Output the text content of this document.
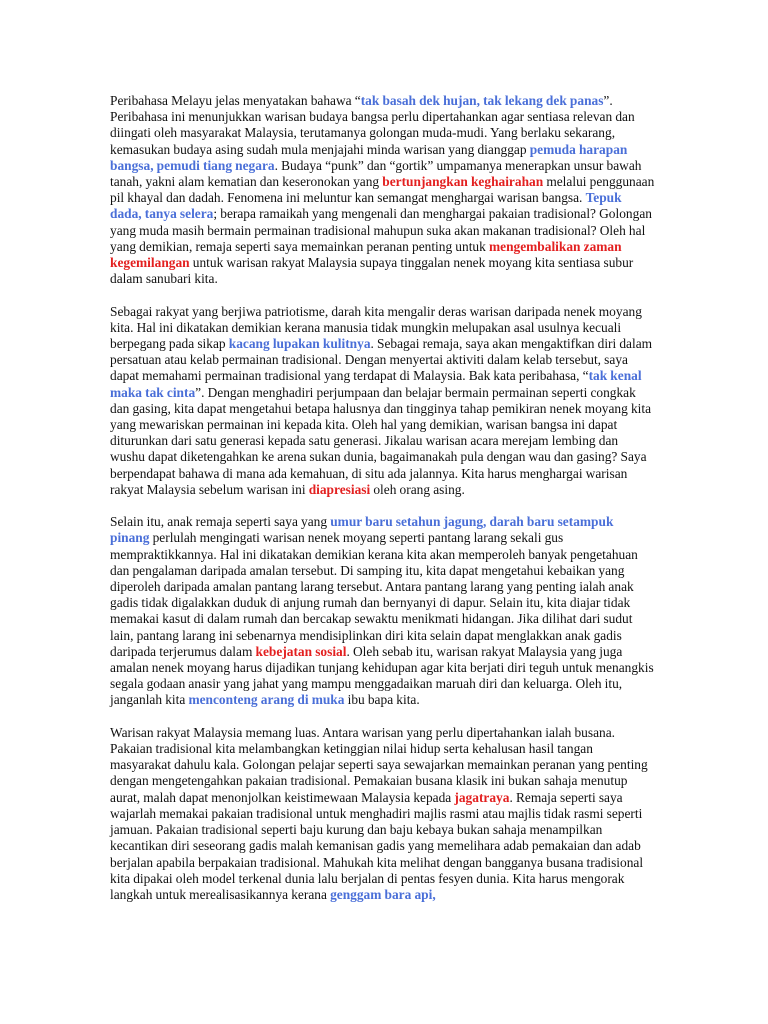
Peribahasa Melayu jelas menyatakan bahawa “tak basah dek hujan, tak lekang dek panas”. Peribahasa ini menunjukkan warisan budaya bangsa perlu dipertahankan agar sentiasa relevan dan diingati oleh masyarakat Malaysia, terutamanya golongan muda-mudi. Yang berlaku sekarang, kemasukan budaya asing sudah mula menjajahi minda warisan yang dianggap pemuda harapan bangsa, pemudi tiang negara. Budaya “punk” dan “gortik” umpamanya menerapkan unsur bawah tanah, yakni alam kematian dan keseronokan yang bertunjangkan keghairahan melalui penggunaan pil khayal dan dadah. Fenomena ini meluntur kan semangat menghargai warisan bangsa. Tepuk dada, tanya selera; berapa ramaikah yang mengenali dan menghargai pakaian tradisional? Golongan yang muda masih bermain permainan tradisional mahupun suka akan makanan tradisional? Oleh hal yang demikian, remaja seperti saya memainkan peranan penting untuk mengembalikan zaman kegemilangan untuk warisan rakyat Malaysia supaya tinggalan nenek moyang kita sentiasa subur dalam sanubari kita.

Sebagai rakyat yang berjiwa patriotisme, darah kita mengalir deras warisan daripada nenek moyang kita. Hal ini dikatakan demikian kerana manusia tidak mungkin melupakan asal usulnya kecuali berpegang pada sikap kacang lupakan kulitnya. Sebagai remaja, saya akan mengaktifkan diri dalam persatuan atau kelab permainan tradisional. Dengan menyertai aktiviti dalam kelab tersebut, saya dapat memahami permainan tradisional yang terdapat di Malaysia. Bak kata peribahasa, “tak kenal maka tak cinta”. Dengan menghadiri perjumpaan dan belajar bermain permainan seperti congkak dan gasing, kita dapat mengetahui betapa halusnya dan tingginya tahap pemikiran nenek moyang kita yang mewariskan permainan ini kepada kita. Oleh hal yang demikian, warisan bangsa ini dapat diturunkan dari satu generasi kepada satu generasi. Jikalau warisan acara merejam lembing dan wushu dapat diketengahkan ke arena sukan dunia, bagaimanakah pula dengan wau dan gasing? Saya berpendapat bahawa di mana ada kemahuan, di situ ada jalannya. Kita harus menghargai warisan rakyat Malaysia sebelum warisan ini diapresiasi oleh orang asing.

Selain itu, anak remaja seperti saya yang umur baru setahun jagung, darah baru setampuk pinang perlulah mengingati warisan nenek moyang seperti pantang larang sekali gus mempraktikkannya. Hal ini dikatakan demikian kerana kita akan memperoleh banyak pengetahuan dan pengalaman daripada amalan tersebut. Di samping itu, kita dapat mengetahui kebaikan yang diperoleh daripada amalan pantang larang tersebut. Antara pantang larang yang penting ialah anak gadis tidak digalakkan duduk di anjung rumah dan bernyanyi di dapur. Selain itu, kita diajar tidak memakai kasut di dalam rumah dan bercakap sewaktu menikmati hidangan. Jika dilihat dari sudut lain, pantang larang ini sebenarnya mendisiplinkan diri kita selain dapat menglakkan anak gadis daripada terjerumus dalam kebejatan sosial. Oleh sebab itu, warisan rakyat Malaysia yang juga amalan nenek moyang harus dijadikan tunjang kehidupan agar kita berjati diri teguh untuk menangkis segala godaan anasir yang jahat yang mampu menggadaikan maruah diri dan keluarga. Oleh itu, janganlah kita menconteng arang di muka ibu bapa kita.

Warisan rakyat Malaysia memang luas. Antara warisan yang perlu dipertahankan ialah busana. Pakaian tradisional kita melambangkan ketinggian nilai hidup serta kehalusan hasil tangan masyarakat dahulu kala. Golongan pelajar seperti saya sewajarkan memainkan peranan yang penting dengan mengetengahkan pakaian tradisional. Pemakaian busana klasik ini bukan sahaja menutup aurat, malah dapat menonjolkan keistimewaan Malaysia kepada jagatraya. Remaja seperti saya wajarlah memakai pakaian tradisional untuk menghadiri majlis rasmi atau majlis tidak rasmi seperti jamuan. Pakaian tradisional seperti baju kurung dan baju kebaya bukan sahaja menampilkan kecantikan diri seseorang gadis malah kemanisan gadis yang memelihara adab pemakaian dan adab berjalan apabila berpakaian tradisional. Mahukah kita melihat dengan bangganya busana tradisional kita dipakai oleh model terkenal dunia lalu berjalan di pentas fesyen dunia. Kita harus mengorak langkah untuk merealisasikannya kerana genggam bara api,
